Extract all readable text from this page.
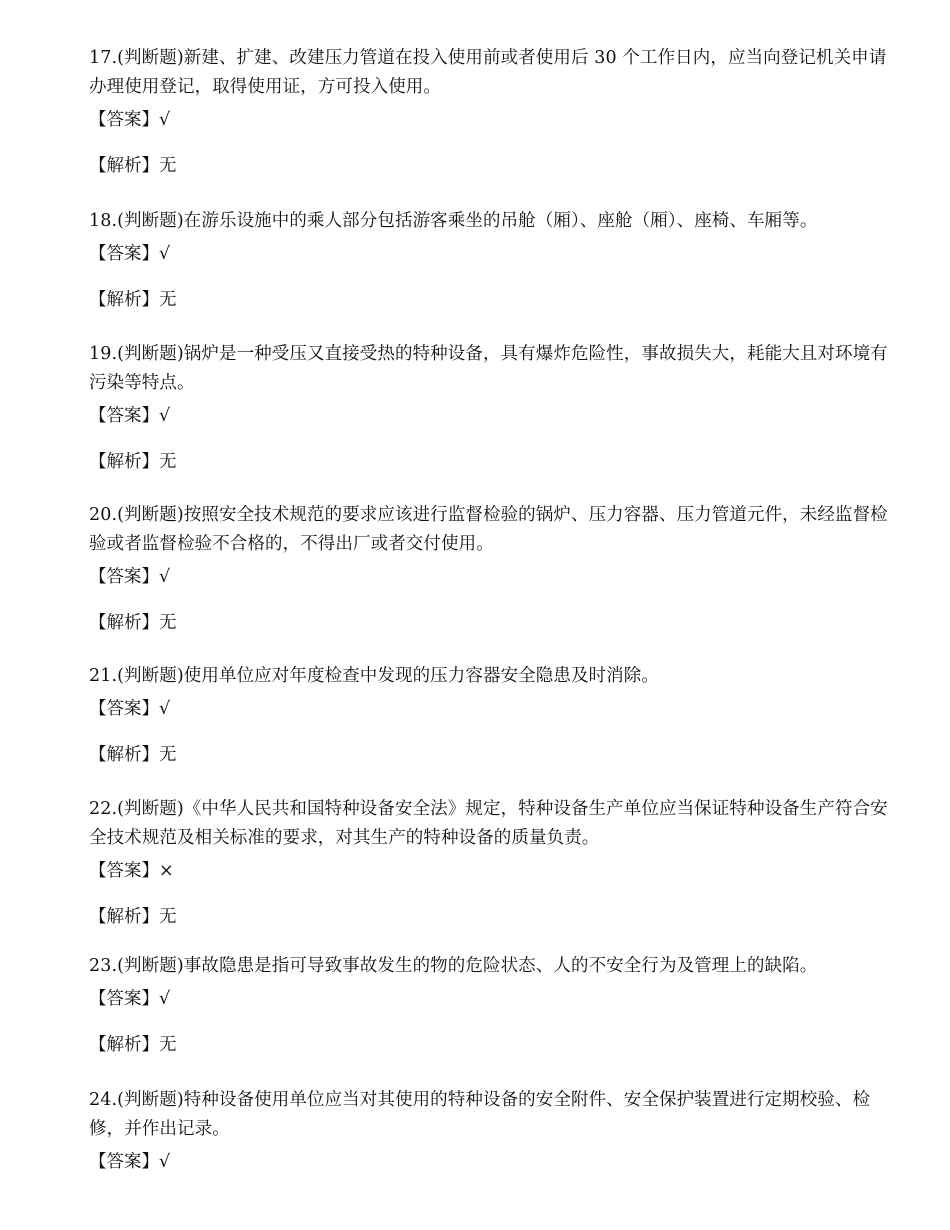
17.(判断题)新建、扩建、改建压力管道在投入使用前或者使用后 30 个工作日内，应当向登记机关申请办理使用登记，取得使用证，方可投入使用。

【答案】√

【解析】无

18.(判断题)在游乐设施中的乘人部分包括游客乘坐的吊舱（厢）、座舱（厢）、座椅、车厢等。

【答案】√

【解析】无

19.(判断题)锅炉是一种受压又直接受热的特种设备，具有爆炸危险性，事故损失大，耗能大且对环境有污染等特点。

【答案】√

【解析】无

20.(判断题)按照安全技术规范的要求应该进行监督检验的锅炉、压力容器、压力管道元件，未经监督检验或者监督检验不合格的，不得出厂或者交付使用。

【答案】√

【解析】无

21.(判断题)使用单位应对年度检查中发现的压力容器安全隐患及时消除。

【答案】√

【解析】无

22.(判断题)《中华人民共和国特种设备安全法》规定，特种设备生产单位应当保证特种设备生产符合安全技术规范及相关标准的要求，对其生产的特种设备的质量负责。

【答案】×

【解析】无

23.(判断题)事故隐患是指可导致事故发生的物的危险状态、人的不安全行为及管理上的缺陷。

【答案】√

【解析】无

24.(判断题)特种设备使用单位应当对其使用的特种设备的安全附件、安全保护装置进行定期校验、检修，并作出记录。

【答案】√
